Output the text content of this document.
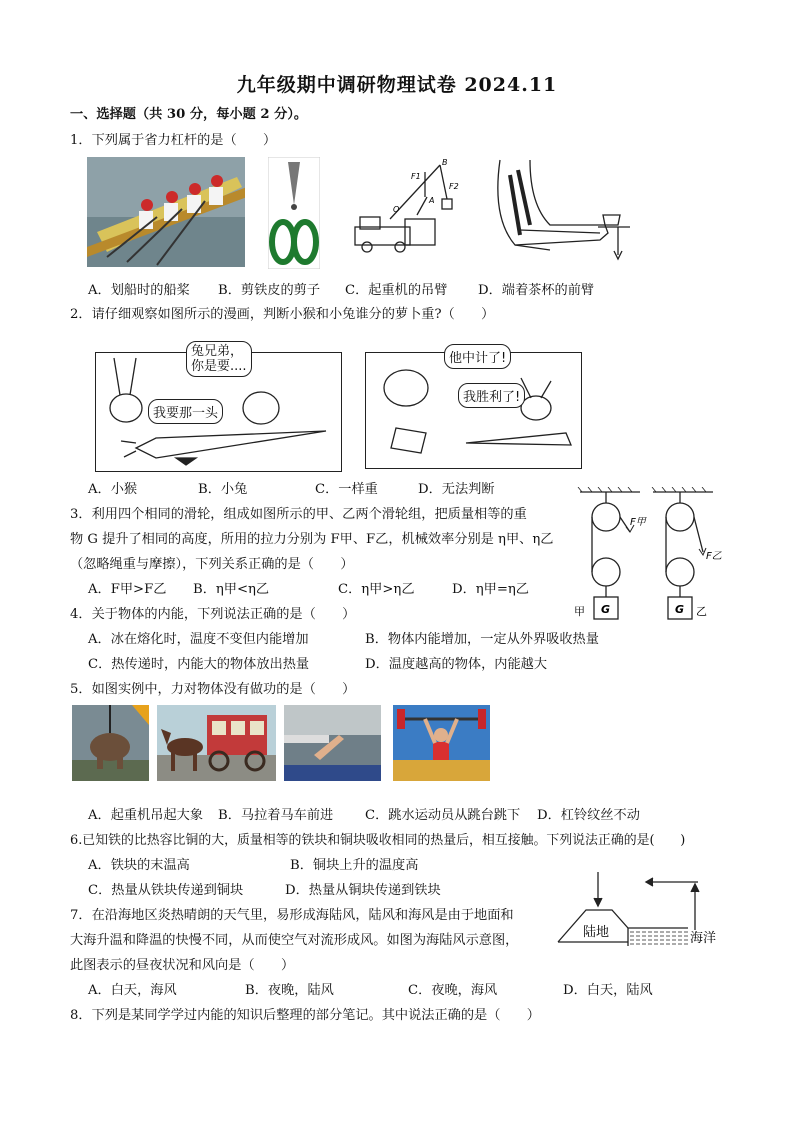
九年级期中调研物理试卷 2024.11
一、选择题（共 30 分，每小题 2 分）。
1．下列属于省力杠杆的是（　　）
B
F1
F2
O
A
A．划船时的船桨 B．剪铁皮的剪子 C．起重机的吊臂 D．端着茶杯的前臂
2．请仔细观察如图所示的漫画，判断小猴和小兔谁分的萝卜重?（　　）
兔兄弟，
你是要....
我要那一头
他中计了!
我胜利了!
A．小猴	B．小兔	C．一样重	D．无法判断
3．利用四个相同的滑轮，组成如图所示的甲、乙两个滑轮组，把质量相等的重
物 G 提升了相同的高度，所用的拉力分别为 F甲、F乙，机械效率分别是 η甲、η乙
（忽略绳重与摩擦），下列关系正确的是（　　）
A．F甲>F乙 B．η甲<η乙	C．η甲>η乙	D．η甲=η乙
G	G
甲	乙
F甲
F乙
4．关于物体的内能，下列说法正确的是（　　）
A．冰在熔化时，温度不变但内能增加	B．物体内能增加，一定从外界吸收热量
C．热传递时，内能大的物体放出热量	D．温度越高的物体，内能越大
5．如图实例中，力对物体没有做功的是（　　）
A．起重机吊起大象 B．马拉着马车前进 C．跳水运动员从跳台跳下 D．杠铃纹丝不动
6.已知铁的比热容比铜的大，质量相等的铁块和铜块吸收相同的热量后，相互接触。下列说法正确的是(　　)
A．铁块的末温高	B．铜块上升的温度高
C．热量从铁块传递到铜块	D．热量从铜块传递到铁块
7．在沿海地区炎热晴朗的天气里，易形成海陆风，陆风和海风是由于地面和
大海升温和降温的快慢不同，从而使空气对流形成风。如图为海陆风示意图，
此图表示的昼夜状况和风向是（　　）
陆地	海洋
A．白天，海风	B．夜晚，陆风	C．夜晚，海风	D．白天，陆风
8．下列是某同学学过内能的知识后整理的部分笔记。其中说法正确的是（　　）
